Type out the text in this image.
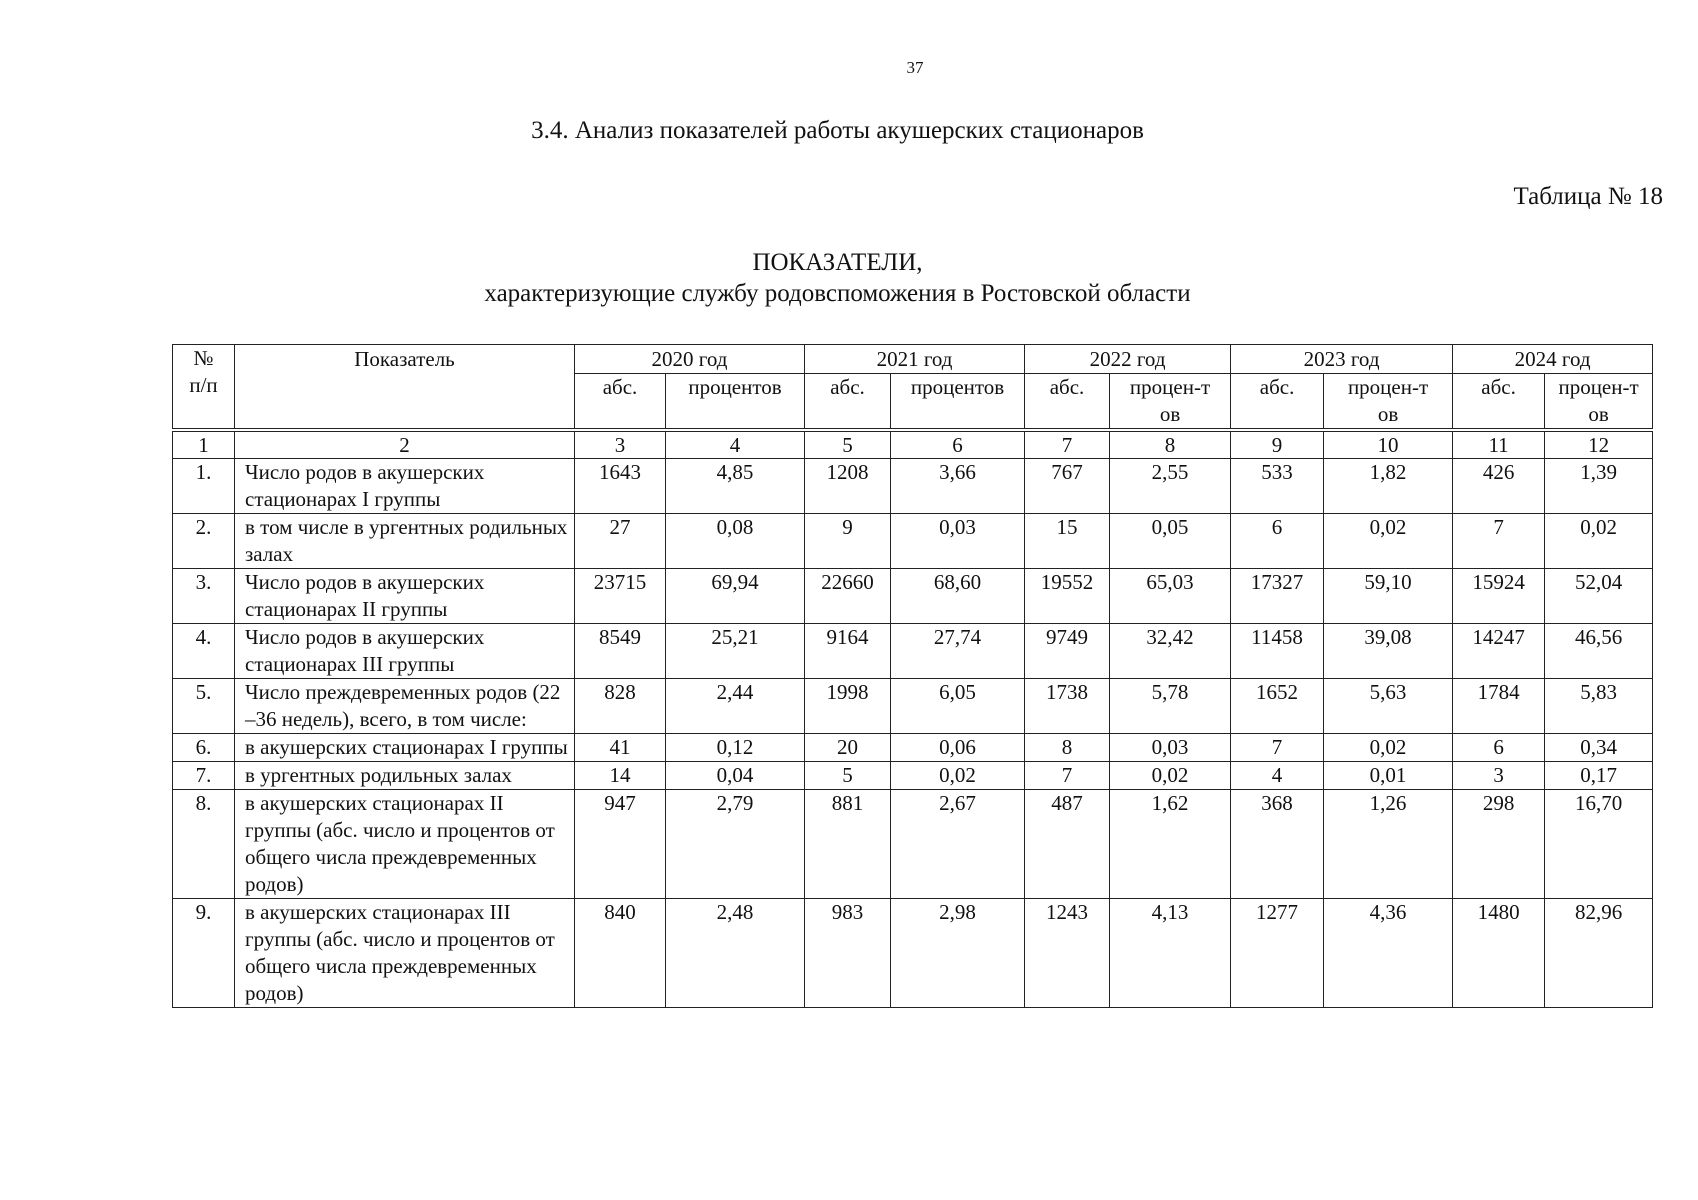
37
3.4. Анализ показателей работы акушерских стационаров
Таблица № 18
ПОКАЗАТЕЛИ,
характеризующие службу родовспоможения в Ростовской области
№ п/п	Показатель	2020 год		2021 год		2022 год		2023 год		2024 год	
		абс.	процентов	абс.	процентов	абс.	процен-тов	абс.	процен-тов	абс.	процен-тов

1	2	3	4	5	6	7	8	9	10	11	12
1.	Число родов в акушерских стационарах I группы	1643	4,85	1208	3,66	767	2,55	533	1,82	426	1,39
2.	в том числе в ургентных родильных залах	27	0,08	9	0,03	15	0,05	6	0,02	7	0,02
3.	Число родов в акушерских стационарах II группы	23715	69,94	22660	68,60	19552	65,03	17327	59,10	15924	52,04
4.	Число родов в акушерских стационарах III группы	8549	25,21	9164	27,74	9749	32,42	11458	39,08	14247	46,56
5.	Число преждевременных родов (22 –36 недель), всего, в том числе:	828	2,44	1998	6,05	1738	5,78	1652	5,63	1784	5,83
6.	в акушерских стационарах I группы	41	0,12	20	0,06	8	0,03	7	0,02	6	0,34
7.	в ургентных родильных залах	14	0,04	5	0,02	7	0,02	4	0,01	3	0,17
8.	в акушерских стационарах II группы (абс. число и процентов от общего числа преждевременных родов)	947	2,79	881	2,67	487	1,62	368	1,26	298	16,70
9.	в акушерских стационарах III группы (абс. число и процентов от общего числа преждевременных родов)	840	2,48	983	2,98	1243	4,13	1277	4,36	1480	82,96
